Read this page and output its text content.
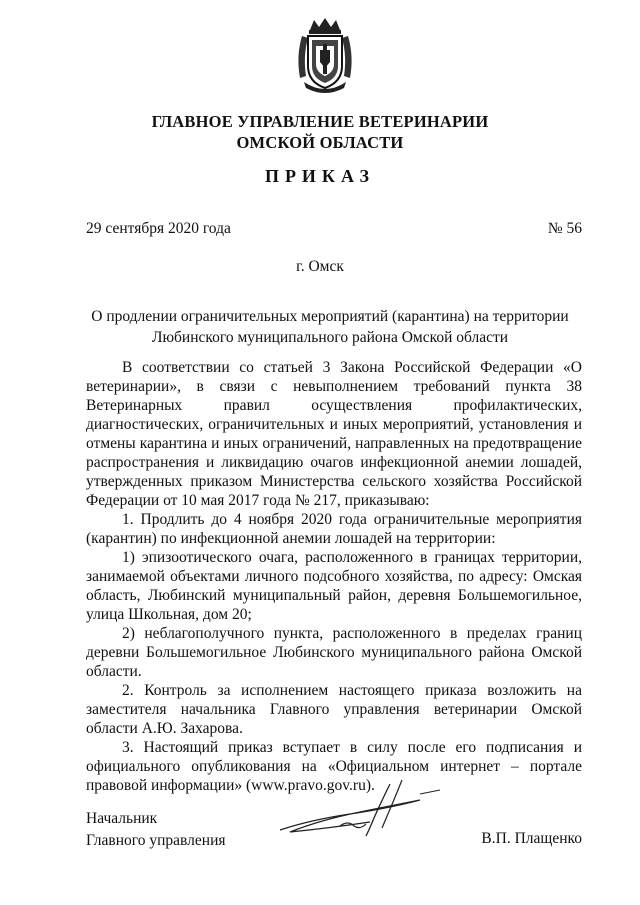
ГЛАВНОЕ УПРАВЛЕНИЕ ВЕТЕРИНАРИИ
ОМСКОЙ ОБЛАСТИ
ПРИКАЗ
29 сентября 2020 года	№ 56
г. Омск
О продлении ограничительных мероприятий (карантина) на территории
Любинского муниципального района Омской области

В соответствии со статьей 3 Закона Российской Федерации «О ветеринарии», в связи с невыполнением требований пункта 38 Ветеринарных правил осуществления профилактических, диагностических, ограничительных и иных мероприятий, установления и отмены карантина и иных ограничений, направленных на предотвращение распространения и ликвидацию очагов инфекционной анемии лошадей, утвержденных приказом Министерства сельского хозяйства Российской Федерации от 10 мая 2017 года № 217, приказываю:

1. Продлить до 4 ноября 2020 года ограничительные мероприятия (карантин) по инфекционной анемии лошадей на территории:

1) эпизоотического очага, расположенного в границах территории, занимаемой объектами личного подсобного хозяйства, по адресу: Омская область, Любинский муниципальный район, деревня Большемогильное, улица Школьная, дом 20;

2) неблагополучного пункта, расположенного в пределах границ деревни Большемогильное Любинского муниципального района Омской области.

2. Контроль за исполнением настоящего приказа возложить на заместителя начальника Главного управления ветеринарии Омской области А.Ю. Захарова.

3. Настоящий приказ вступает в силу после его подписания и официального опубликования на «Официальном интернет – портале правовой информации» (www.pravo.gov.ru).

Начальник
Главного управления	В.П. Плащенко
